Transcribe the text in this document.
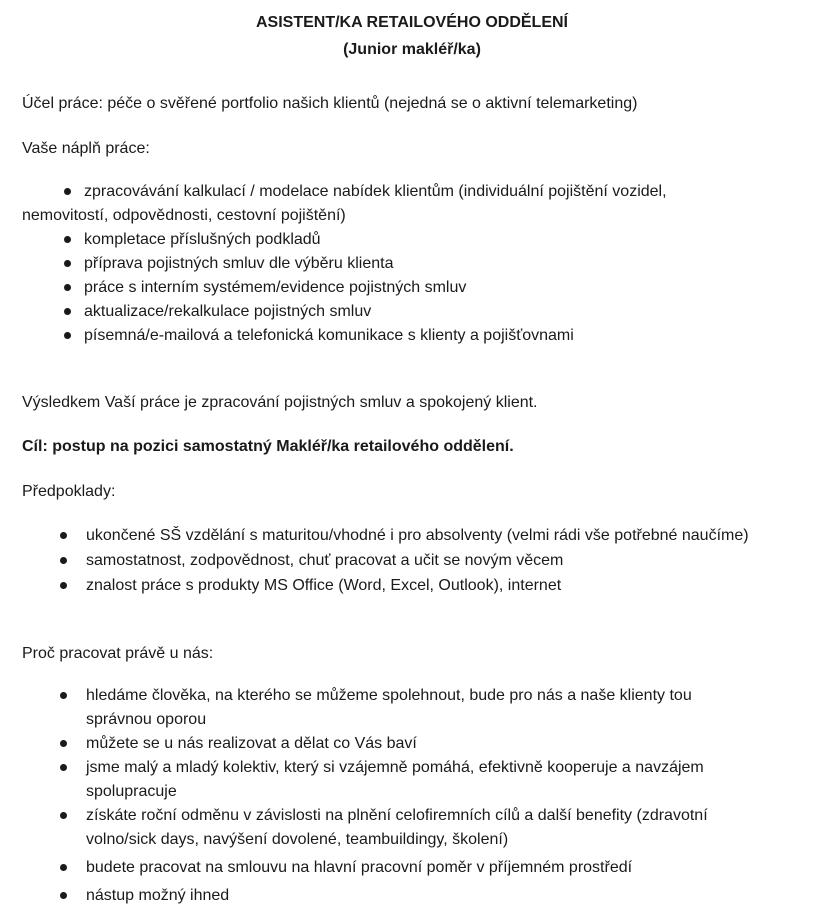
ASISTENT/KA RETAILOVÉHO ODDĚLENÍ
(Junior makléř/ka)
Účel práce: péče o svěřené portfolio našich klientů (nejedná se o aktivní telemarketing)
Vaše náplň práce:
zpracovávání kalkulací / modelace nabídek klientům (individuální pojištění vozidel,
nemovitostí, odpovědnosti, cestovní pojištění)
kompletace příslušných podkladů
příprava pojistných smluv dle výběru klienta
práce s interním systémem/evidence pojistných smluv
aktualizace/rekalkulace pojistných smluv
písemná/e-mailová a telefonická komunikace s klienty a pojišťovnami
Výsledkem Vaší práce je zpracování pojistných smluv a spokojený klient.
Cíl: postup na pozici samostatný Makléř/ka retailového oddělení.
Předpoklady:
ukončené SŠ vzdělání s maturitou/vhodné i pro absolventy (velmi rádi vše potřebné naučíme)
samostatnost, zodpovědnost, chuť pracovat a učit se novým věcem
znalost práce s produkty MS Office (Word, Excel, Outlook), internet
Proč pracovat právě u nás:
hledáme člověka, na kterého se můžeme spolehnout, bude pro nás a naše klienty tou
správnou oporou
můžete se u nás realizovat a dělat co Vás baví
jsme malý a mladý kolektiv, který si vzájemně pomáhá, efektivně kooperuje a navzájem
spolupracuje
získáte roční odměnu v závislosti na plnění celofiremních cílů a další benefity (zdravotní
volno/sick days, navýšení dovolené, teambuildingy, školení)
budete pracovat na smlouvu na hlavní pracovní poměr v příjemném prostředí
nástup možný ihned
